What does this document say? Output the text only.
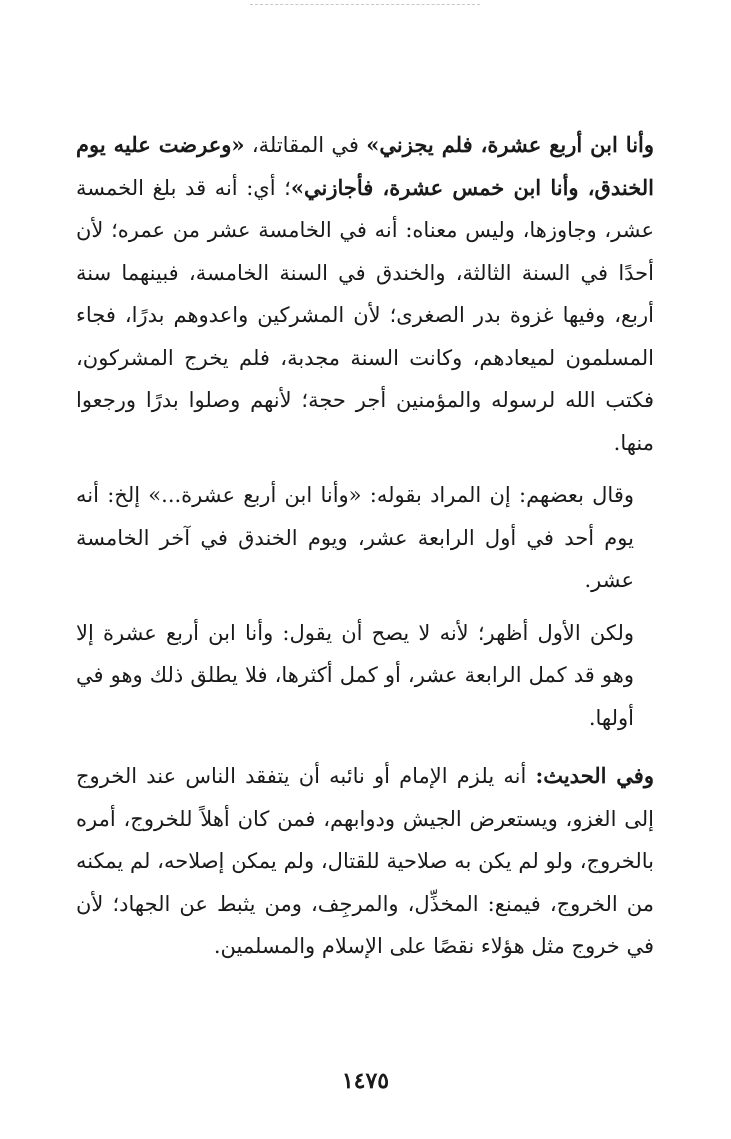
وأنا ابن أربع عشرة، فلم يجزني» في المقاتلة، «وعرضت عليه يوم الخندق، وأنا ابن خمس عشرة، فأجازني»؛ أي: أنه قد بلغ الخمسة عشر، وجاوزها، وليس معناه: أنه في الخامسة عشر من عمره؛ لأن أحدًا في السنة الثالثة، والخندق في السنة الخامسة، فبينهما سنة أربع، وفيها غزوة بدر الصغرى؛ لأن المشركين واعدوهم بدرًا، فجاء المسلمون لميعادهم، وكانت السنة مجدبة، فلم يخرج المشركون، فكتب الله لرسوله والمؤمنين أجر حجة؛ لأنهم وصلوا بدرًا ورجعوا منها.

وقال بعضهم: إن المراد بقوله: «وأنا ابن أربع عشرة...» إلخ: أنه يوم أحد في أول الرابعة عشر، ويوم الخندق في آخر الخامسة عشر.

ولكن الأول أظهر؛ لأنه لا يصح أن يقول: وأنا ابن أربع عشرة إلا وهو قد كمل الرابعة عشر، أو كمل أكثرها، فلا يطلق ذلك وهو في أولها.

وفي الحديث: أنه يلزم الإمام أو نائبه أن يتفقد الناس عند الخروج إلى الغزو، ويستعرض الجيش ودوابهم، فمن كان أهلاً للخروج، أمره بالخروج، ولو لم يكن به صلاحية للقتال، ولم يمكن إصلاحه، لم يمكنه من الخروج، فيمنع: المخذِّل، والمرجِف، ومن يثبط عن الجهاد؛ لأن في خروج مثل هؤلاء نقصًا على الإسلام والمسلمين.

١٤٧٥
